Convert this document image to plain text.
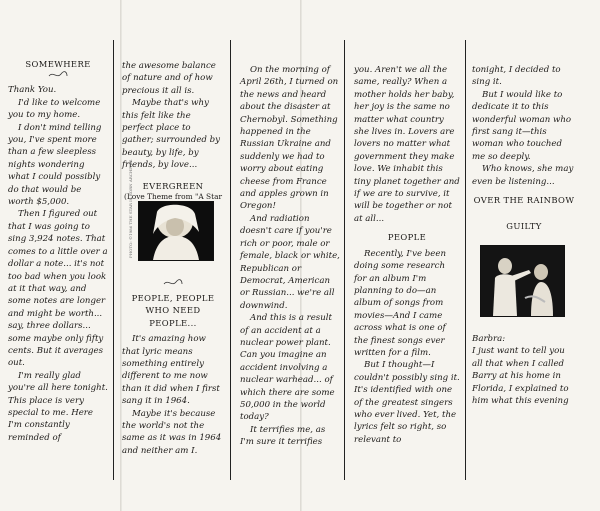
SOMEWHERE

Thank You.

I'd like to welcome you to my home.

I don't mind telling you, I've spent more than a few sleepless nights wondering what I could possibly do that would be worth $5,000.

Then I figured out that I was going to sing 3,924 notes. That comes to a little over a dollar a note... it's not too bad when you look at it that way, and some notes are longer and might be worth... say, three dollars... some maybe only fifty cents. But it averages out.

I'm really glad you're all here tonight. This place is very special to me. Here I'm constantly reminded of

the awesome balance of nature and of how precious it all is.

Maybe that's why this felt like the perfect place to gather; surrounded by beauty, by life, by friends, by love...

EVERGREEN

(Love Theme from "A Star

PHOTO: ©1986 THE STAR IS BORN ARCHIVES

PEOPLE, PEOPLE WHO NEED PEOPLE...

It's amazing how that lyric means something entirely different to me now than it did when I first sang it in 1964.

Maybe it's because the world's not the same as it was in 1964 and neither am I.

On the morning of April 26th, I turned on the news and heard about the disaster at Chernobyl. Something happened in the Russian Ukraine and suddenly we had to worry about eating cheese from France and apples grown in Oregon!

And radiation doesn't care if you're rich or poor, male or female, black or white, Republican or Democrat, American or Russian... we're all downwind.

And this is a result of an accident at a nuclear power plant. Can you imagine an accident involving a nuclear warhead... of which there are some 50,000 in the world today?

It terrifies me, as I'm sure it terrifies

you. Aren't we all the same, really? When a mother holds her baby, her joy is the same no matter what country she lives in. Lovers are lovers no matter what government they make love. We inhabit this tiny planet together and if we are to survive, it will be together or not at all...

PEOPLE

Recently, I've been doing some research for an album I'm planning to do—an album of songs from movies—And I came across what is one of the finest songs ever written for a film.

But I thought—I couldn't possibly sing it. It's identified with one of the greatest singers who ever lived. Yet, the lyrics felt so right, so relevant to

tonight, I decided to sing it.

But I would like to dedicate it to this wonderful woman who first sang it—this woman who touched me so deeply.

Who knows, she may even be listening...

OVER THE RAINBOW

GUILTY

Barbra:

I just want to tell you all that when I called Barry at his home in Florida, I explained to him what this evening
